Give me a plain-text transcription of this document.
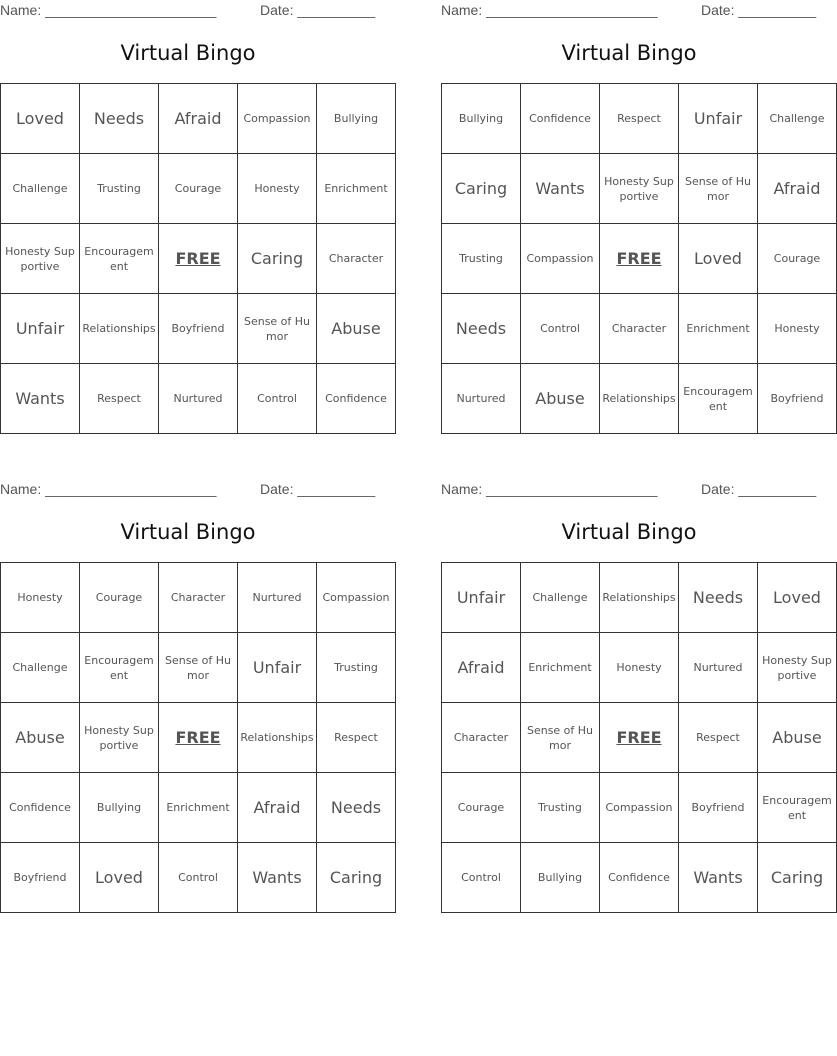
Name: ______________________	Date: __________
Virtual Bingo
Loved	Needs	Afraid	Compassion	Bullying
Challenge	Trusting	Courage	Honesty	Enrichment
Honesty Supportive	Encouragement	FREE	Caring	Character
Unfair	Relationships	Boyfriend	Sense of Humor	Abuse
Wants	Respect	Nurtured	Control	Confidence
Name: ______________________	Date: __________
Virtual Bingo
Bullying	Confidence	Respect	Unfair	Challenge
Caring	Wants	Honesty Supportive	Sense of Humor	Afraid
Trusting	Compassion	FREE	Loved	Courage
Needs	Control	Character	Enrichment	Honesty
Nurtured	Abuse	Relationships	Encouragement	Boyfriend
Name: ______________________	Date: __________
Virtual Bingo
Honesty	Courage	Character	Nurtured	Compassion
Challenge	Encouragement	Sense of Humor	Unfair	Trusting
Abuse	Honesty Supportive	FREE	Relationships	Respect
Confidence	Bullying	Enrichment	Afraid	Needs
Boyfriend	Loved	Control	Wants	Caring
Name: ______________________	Date: __________
Virtual Bingo
Unfair	Challenge	Relationships	Needs	Loved
Afraid	Enrichment	Honesty	Nurtured	Honesty Supportive
Character	Sense of Humor	FREE	Respect	Abuse
Courage	Trusting	Compassion	Boyfriend	Encouragement
Control	Bullying	Confidence	Wants	Caring
